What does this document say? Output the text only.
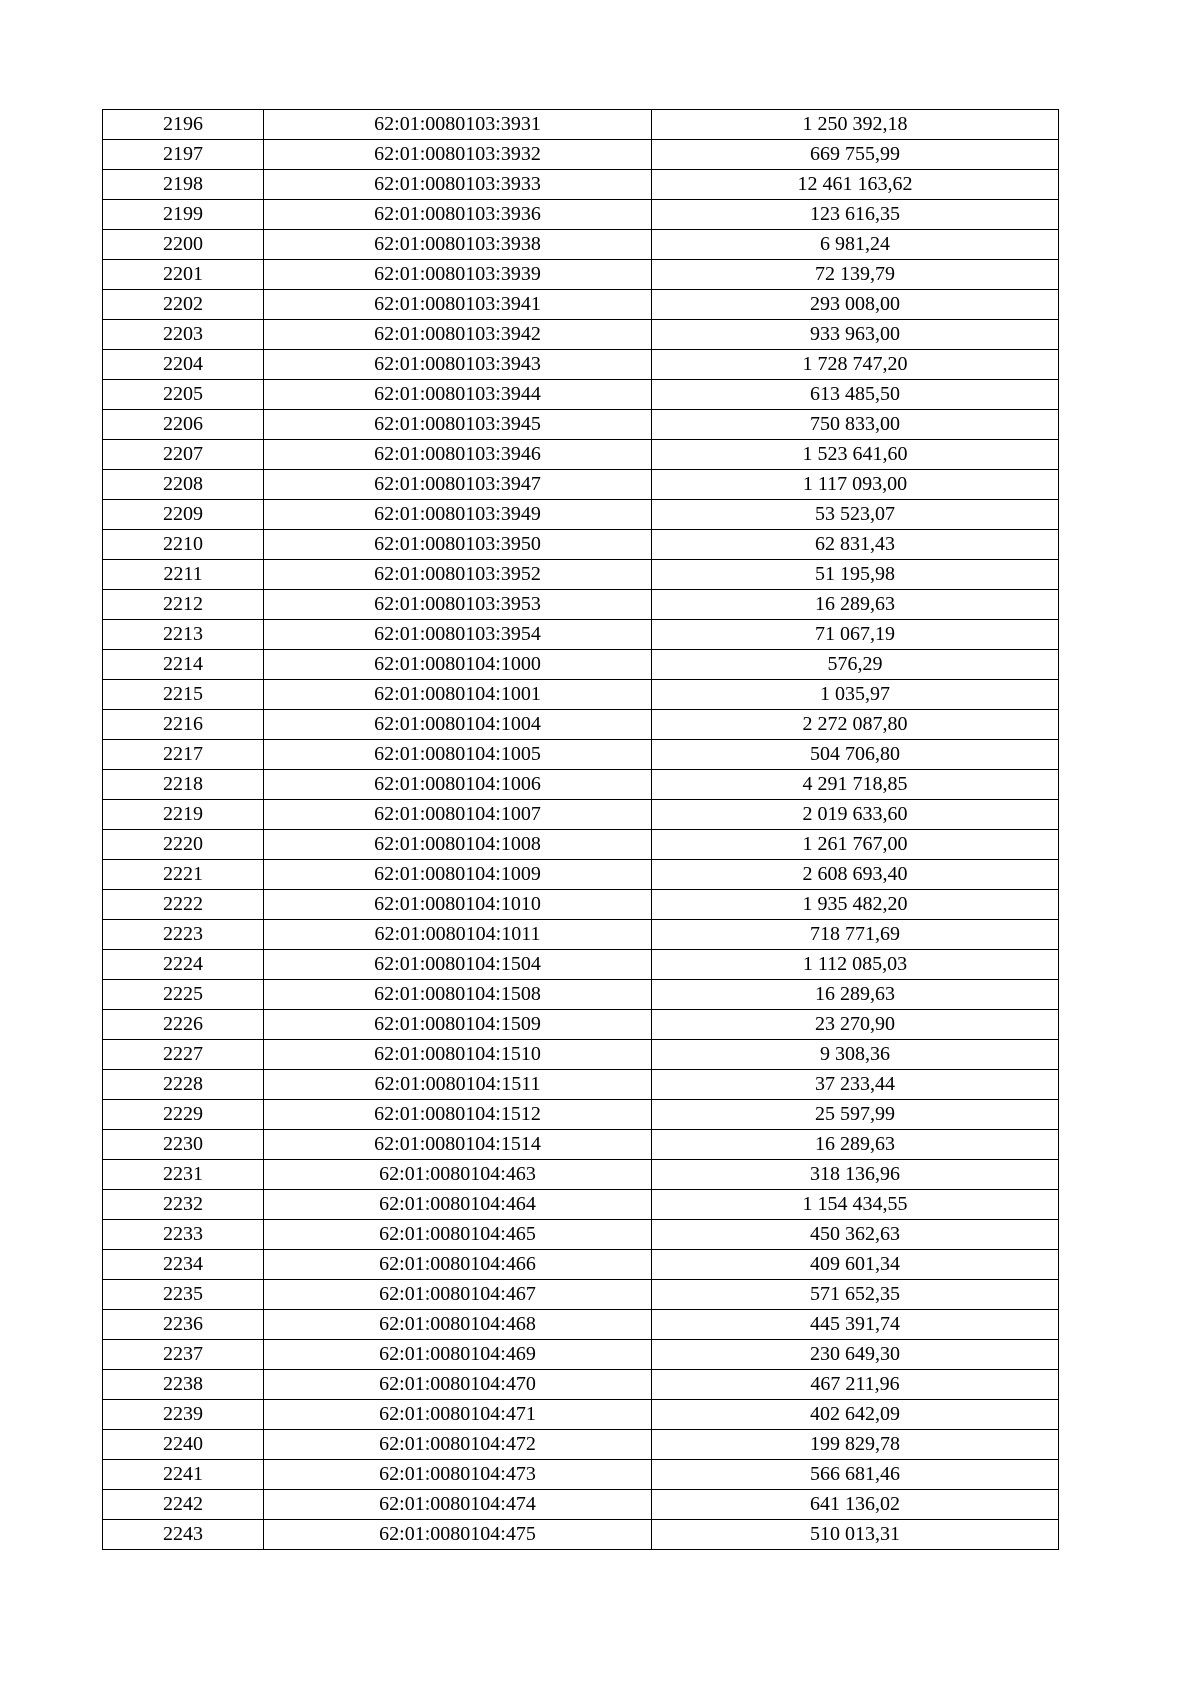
2196	62:01:0080103:3931	1 250 392,18
2197	62:01:0080103:3932	669 755,99
2198	62:01:0080103:3933	12 461 163,62
2199	62:01:0080103:3936	123 616,35
2200	62:01:0080103:3938	6 981,24
2201	62:01:0080103:3939	72 139,79
2202	62:01:0080103:3941	293 008,00
2203	62:01:0080103:3942	933 963,00
2204	62:01:0080103:3943	1 728 747,20
2205	62:01:0080103:3944	613 485,50
2206	62:01:0080103:3945	750 833,00
2207	62:01:0080103:3946	1 523 641,60
2208	62:01:0080103:3947	1 117 093,00
2209	62:01:0080103:3949	53 523,07
2210	62:01:0080103:3950	62 831,43
2211	62:01:0080103:3952	51 195,98
2212	62:01:0080103:3953	16 289,63
2213	62:01:0080103:3954	71 067,19
2214	62:01:0080104:1000	576,29
2215	62:01:0080104:1001	1 035,97
2216	62:01:0080104:1004	2 272 087,80
2217	62:01:0080104:1005	504 706,80
2218	62:01:0080104:1006	4 291 718,85
2219	62:01:0080104:1007	2 019 633,60
2220	62:01:0080104:1008	1 261 767,00
2221	62:01:0080104:1009	2 608 693,40
2222	62:01:0080104:1010	1 935 482,20
2223	62:01:0080104:1011	718 771,69
2224	62:01:0080104:1504	1 112 085,03
2225	62:01:0080104:1508	16 289,63
2226	62:01:0080104:1509	23 270,90
2227	62:01:0080104:1510	9 308,36
2228	62:01:0080104:1511	37 233,44
2229	62:01:0080104:1512	25 597,99
2230	62:01:0080104:1514	16 289,63
2231	62:01:0080104:463	318 136,96
2232	62:01:0080104:464	1 154 434,55
2233	62:01:0080104:465	450 362,63
2234	62:01:0080104:466	409 601,34
2235	62:01:0080104:467	571 652,35
2236	62:01:0080104:468	445 391,74
2237	62:01:0080104:469	230 649,30
2238	62:01:0080104:470	467 211,96
2239	62:01:0080104:471	402 642,09
2240	62:01:0080104:472	199 829,78
2241	62:01:0080104:473	566 681,46
2242	62:01:0080104:474	641 136,02
2243	62:01:0080104:475	510 013,31
